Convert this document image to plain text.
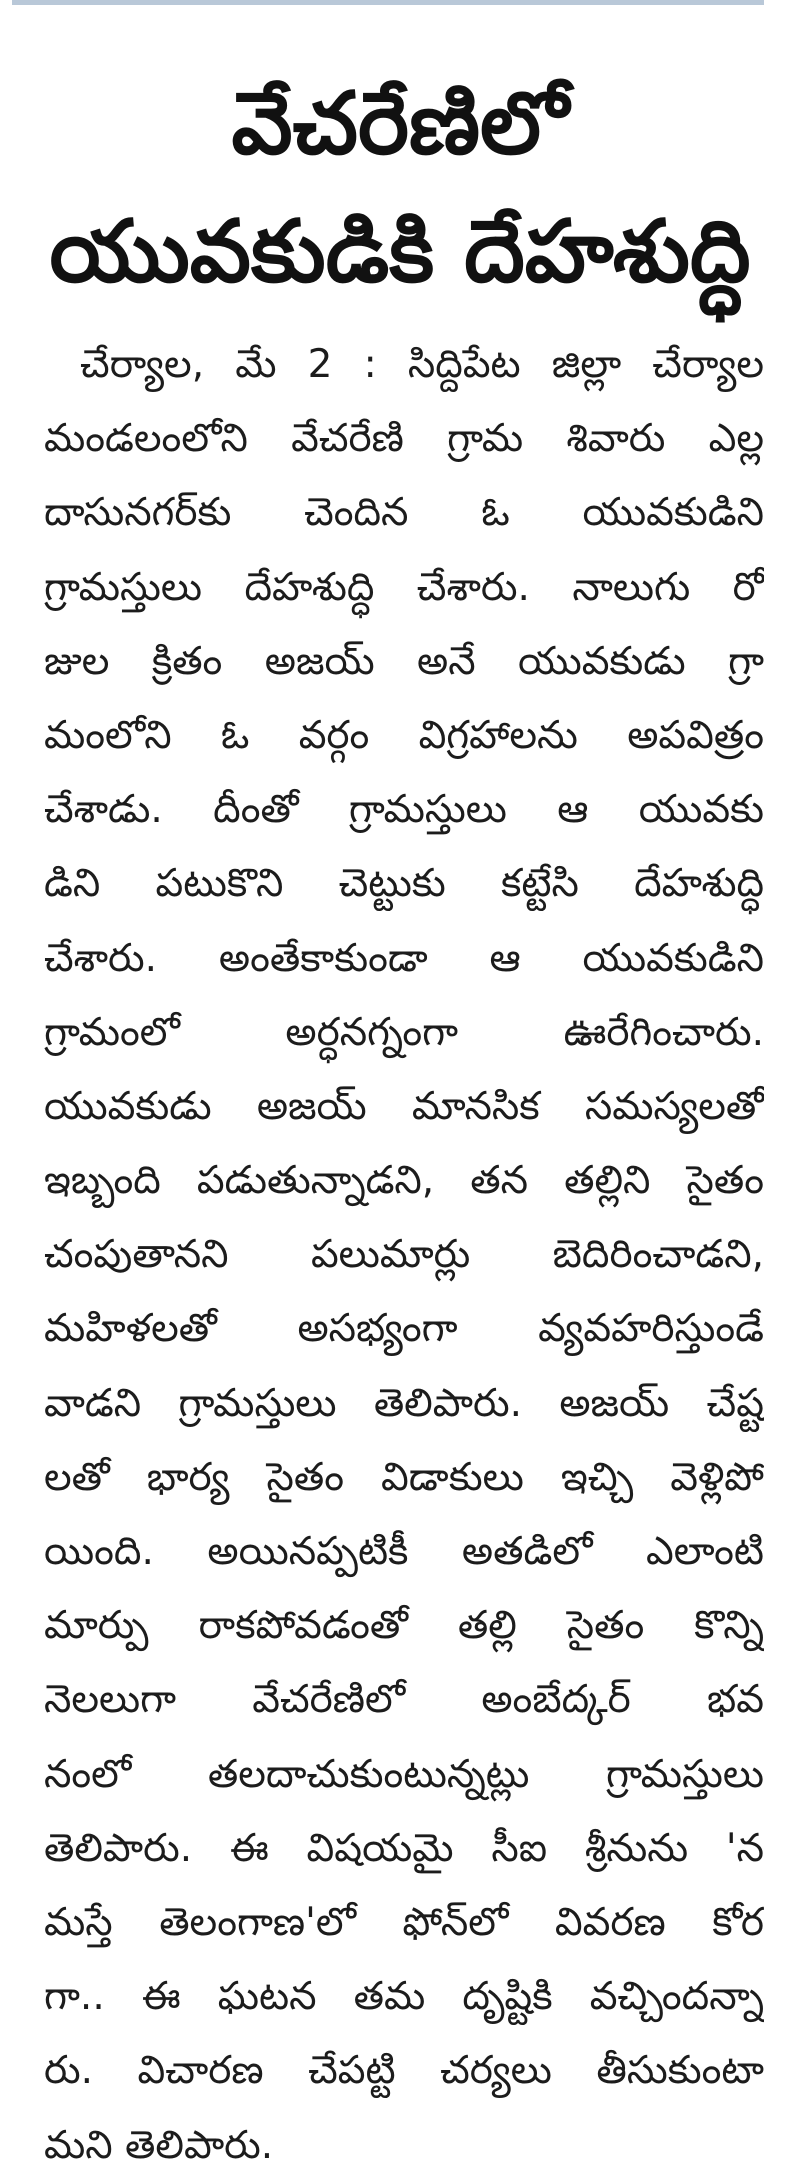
వేచరేణిలో
యువకుడికి దేహశుద్ధి
చేర్యాల, మే 2 : సిద్దిపేట జిల్లా చేర్యాల
మండలంలోని వేచరేణి గ్రామ శివారు ఎల్ల
దాసునగర్‌కు చెందిన ఓ యువకుడిని
గ్రామస్తులు దేహశుద్ధి చేశారు. నాలుగు రో
జుల క్రితం అజయ్ అనే యువకుడు గ్రా
మంలోని ఓ వర్గం విగ్రహాలను అపవిత్రం
చేశాడు. దీంతో గ్రామస్తులు ఆ యువకు
డిని పటుకొని చెట్టుకు కట్టేసి దేహశుద్ధి
చేశారు. అంతేకాకుండా ఆ యువకుడిని
గ్రామంలో అర్ధనగ్నంగా ఊరేగించారు.
యువకుడు అజయ్ మానసిక సమస్యలతో
ఇబ్బంది పడుతున్నాడని, తన తల్లిని సైతం
చంపుతానని పలుమార్లు బెదిరించాడని,
మహిళలతో అసభ్యంగా వ్యవహరిస్తుండే
వాడని గ్రామస్తులు తెలిపారు. అజయ్ చేష్ట
లతో భార్య సైతం విడాకులు ఇచ్చి వెళ్లిపో
యింది. అయినప్పటికీ అతడిలో ఎలాంటి
మార్పు రాకపోవడంతో తల్లి సైతం కొన్ని
నెలలుగా వేచరేణిలో అంబేద్కర్ భవ
నంలో తలదాచుకుంటున్నట్లు గ్రామస్తులు
తెలిపారు. ఈ విషయమై సీఐ శ్రీనును 'న
మస్తే తెలంగాణ'లో ఫోన్‌లో వివరణ కోర
గా.. ఈ ఘటన తమ దృష్టికి వచ్చిందన్నా
రు. విచారణ చేపట్టి చర్యలు తీసుకుంటా
మని తెలిపారు.
